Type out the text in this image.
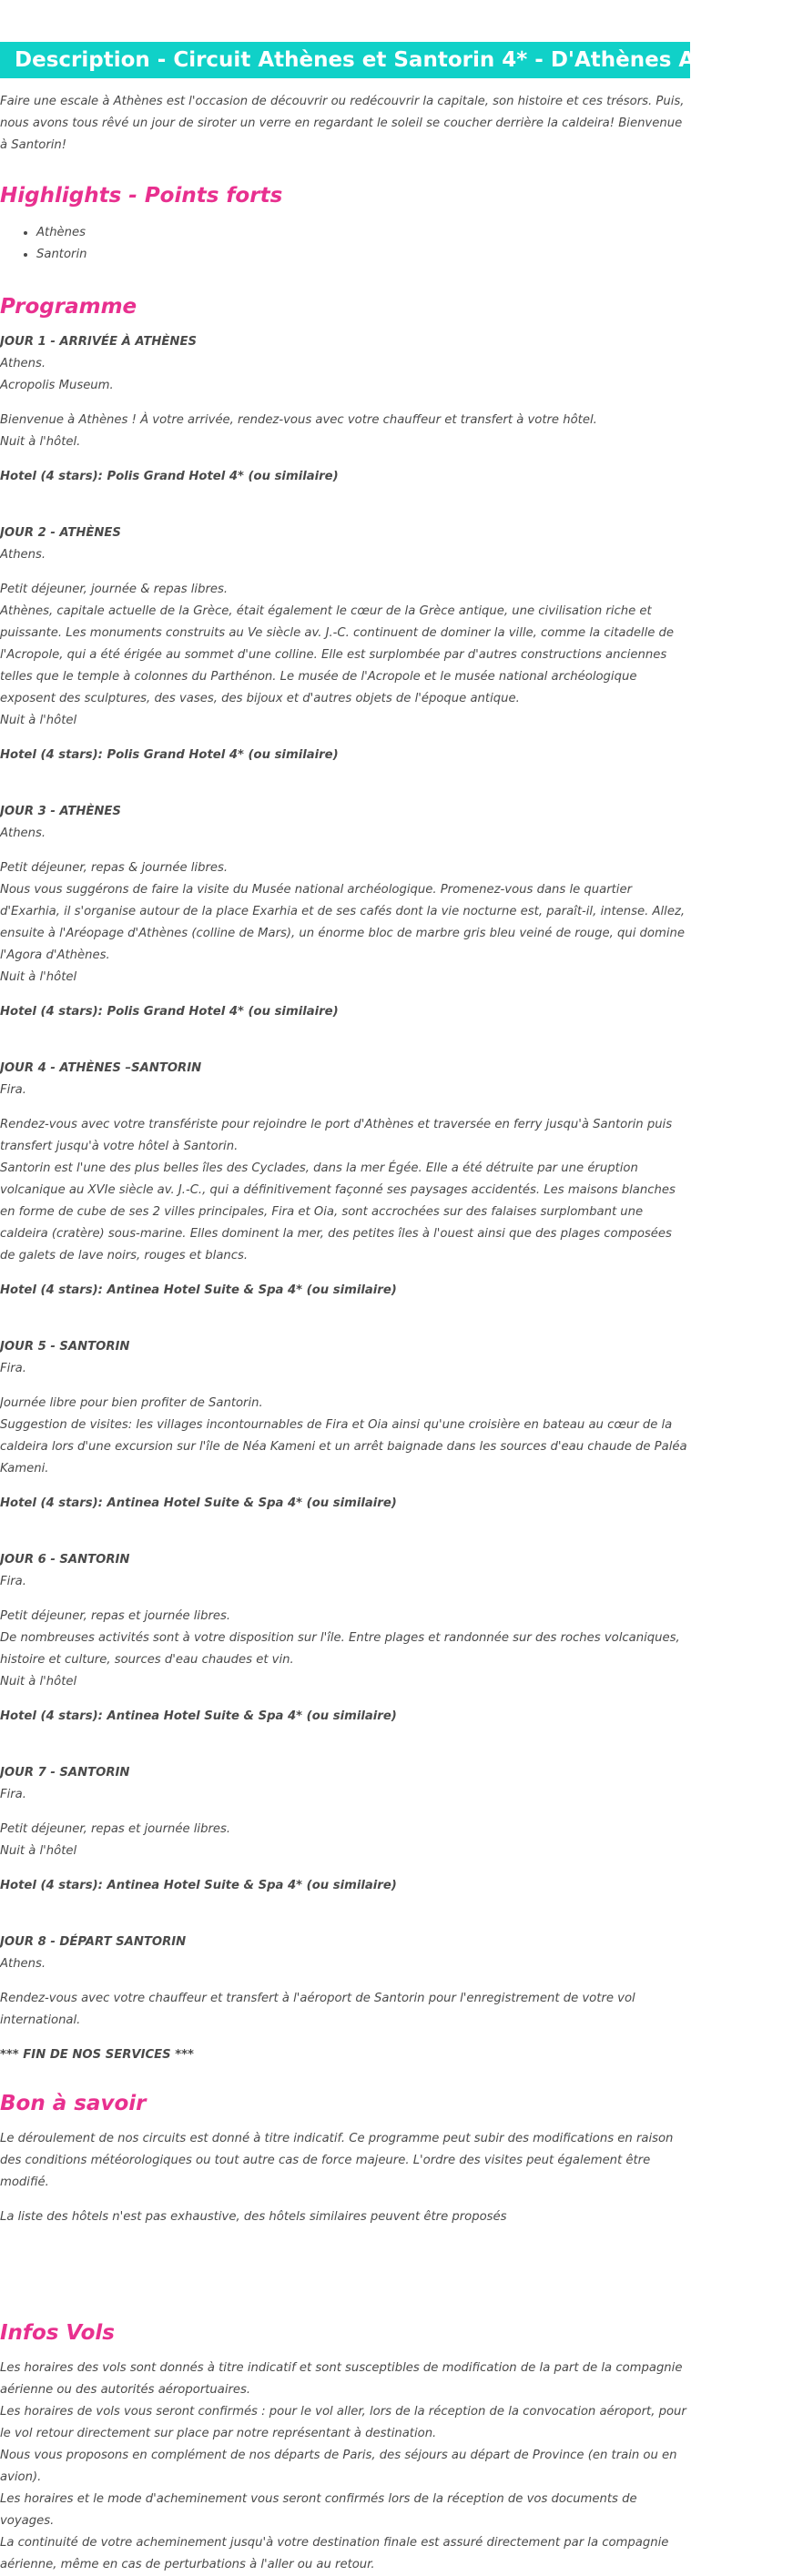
Description - Circuit Athènes et Santorin 4* - D'Athènes A Santorin

Faire une escale à Athènes est l'occasion de découvrir ou redécouvrir la capitale, son histoire et ces trésors. Puis, nous avons tous rêvé un jour de siroter un verre en regardant le soleil se coucher derrière la caldeira! Bienvenue à Santorin!

Highlights - Points forts
• Athènes
• Santorin
Programme

JOUR 1 - ARRIVÉE À ATHÈNES

Athens.

Acropolis Museum.

Bienvenue à Athènes ! À votre arrivée, rendez-vous avec votre chauffeur et transfert à votre hôtel.

Nuit à l'hôtel.

Hotel (4 stars): Polis Grand Hotel 4* (ou similaire)

JOUR 2 - ATHÈNES

Athens.

Petit déjeuner, journée & repas libres.

Athènes, capitale actuelle de la Grèce, était également le cœur de la Grèce antique, une civilisation riche et puissante. Les monuments construits au Ve siècle av. J.-C. continuent de dominer la ville, comme la citadelle de l'Acropole, qui a été érigée au sommet d'une colline. Elle est surplombée par d'autres constructions anciennes telles que le temple à colonnes du Parthénon. Le musée de l'Acropole et le musée national archéologique exposent des sculptures, des vases, des bijoux et d'autres objets de l'époque antique.

Nuit à l'hôtel

Hotel (4 stars): Polis Grand Hotel 4* (ou similaire)

JOUR 3 - ATHÈNES

Athens.

Petit déjeuner, repas & journée libres.

Nous vous suggérons de faire la visite du Musée national archéologique. Promenez-vous dans le quartier d'Exarhia, il s'organise autour de la place Exarhia et de ses cafés dont la vie nocturne est, paraît-il, intense. Allez, ensuite à l'Aréopage d'Athènes (colline de Mars), un énorme bloc de marbre gris bleu veiné de rouge, qui domine l'Agora d'Athènes.

Nuit à l'hôtel

Hotel (4 stars): Polis Grand Hotel 4* (ou similaire)

JOUR 4 - ATHÈNES –SANTORIN

Fira.

Rendez-vous avec votre transfériste pour rejoindre le port d'Athènes et traversée en ferry jusqu'à Santorin puis transfert jusqu'à votre hôtel à Santorin.

Santorin est l'une des plus belles îles des Cyclades, dans la mer Égée. Elle a été détruite par une éruption volcanique au XVIe siècle av. J.-C., qui a définitivement façonné ses paysages accidentés. Les maisons blanches en forme de cube de ses 2 villes principales, Fira et Oia, sont accrochées sur des falaises surplombant une caldeira (cratère) sous-marine. Elles dominent la mer, des petites îles à l'ouest ainsi que des plages composées de galets de lave noirs, rouges et blancs.

Hotel (4 stars): Antinea Hotel Suite & Spa 4* (ou similaire)

JOUR 5 - SANTORIN

Fira.

Journée libre pour bien profiter de Santorin.

Suggestion de visites: les villages incontournables de Fira et Oia ainsi qu'une croisière en bateau au cœur de la caldeira lors d'une excursion sur l'île de Néa Kameni et un arrêt baignade dans les sources d'eau chaude de Paléa Kameni.

Hotel (4 stars): Antinea Hotel Suite & Spa 4* (ou similaire)

JOUR 6 - SANTORIN

Fira.

Petit déjeuner, repas et journée libres.

De nombreuses activités sont à votre disposition sur l'île. Entre plages et randonnée sur des roches volcaniques, histoire et culture, sources d'eau chaudes et vin.

Nuit à l'hôtel

Hotel (4 stars): Antinea Hotel Suite & Spa 4* (ou similaire)

JOUR 7 - SANTORIN

Fira.

Petit déjeuner, repas et journée libres.

Nuit à l'hôtel

Hotel (4 stars): Antinea Hotel Suite & Spa 4* (ou similaire)

JOUR 8 - DÉPART SANTORIN

Athens.

Rendez-vous avec votre chauffeur et transfert à l'aéroport de Santorin pour l'enregistrement de votre vol international.

*** FIN DE NOS SERVICES ***

Bon à savoir

Le déroulement de nos circuits est donné à titre indicatif. Ce programme peut subir des modifications en raison des conditions météorologiques ou tout autre cas de force majeure. L'ordre des visites peut également être modifié.

La liste des hôtels n'est pas exhaustive, des hôtels similaires peuvent être proposés

Infos Vols

Les horaires des vols sont donnés à titre indicatif et sont susceptibles de modification de la part de la compagnie aérienne ou des autorités aéroportuaires.

Les horaires de vols vous seront confirmés : pour le vol aller, lors de la réception de la convocation aéroport, pour le vol retour directement sur place par notre représentant à destination.

Nous vous proposons en complément de nos départs de Paris, des séjours au départ de Province (en train ou en avion).

Les horaires et le mode d'acheminement vous seront confirmés lors de la réception de vos documents de voyages.

La continuité de votre acheminement jusqu'à votre destination finale est assuré directement par la compagnie aérienne, même en cas de perturbations à l'aller ou au retour.
